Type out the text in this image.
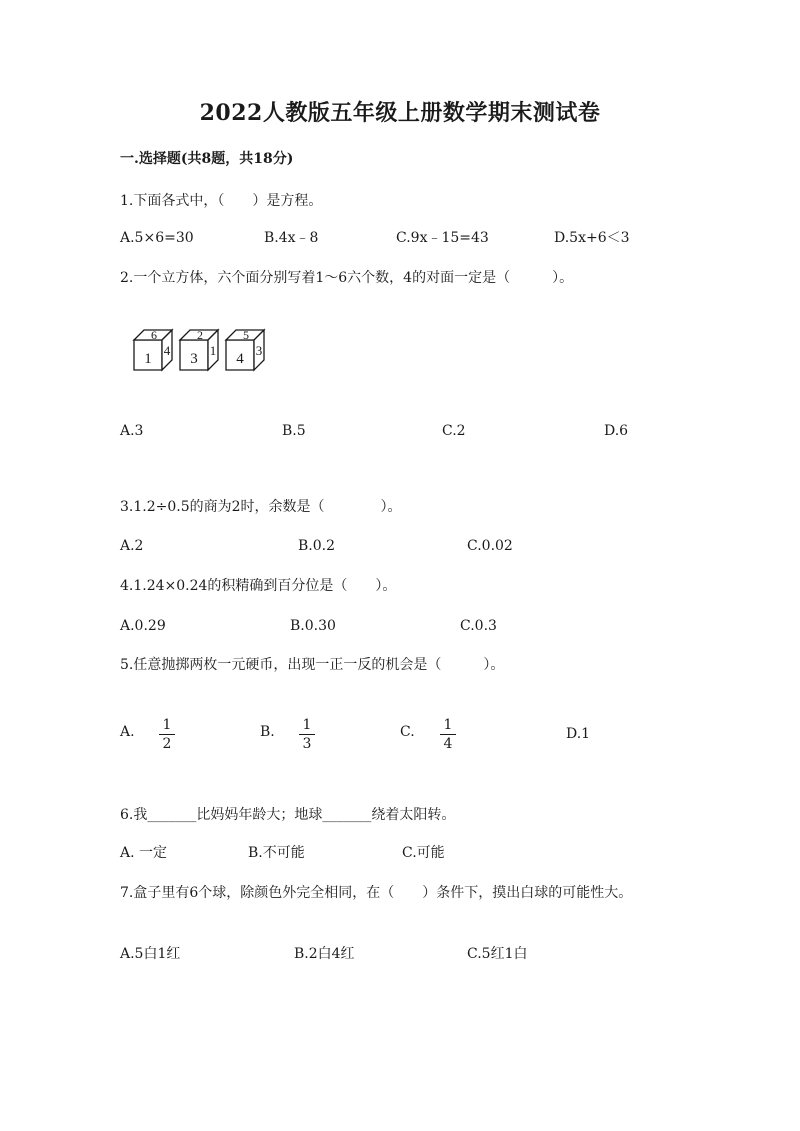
2022人教版五年级上册数学期末测试卷
一.选择题(共8题，共18分)
1.下面各式中，（　　）是方程。
A.5×6=30	B.4x﹣8	C.9x﹣15=43	D.5x+6＜3
2.一个立方体，六个面分别写着1～6六个数，4的对面一定是（　　　）。
1
6
4
3
2
1
4
5
3
A.3	B.5	C.2	D.6
3.1.2÷0.5的商为2时，余数是（　　　　）。
A.2	B.0.2	C.0.02
4.1.24×0.24的积精确到百分位是（　　）。
A.0.29	B.0.30	C.0.3
5.任意抛掷两枚一元硬币，出现一正一反的机会是（　　　）。
A. 1
2
B. 1
3
C. 1
4
D.1
6.我_______比妈妈年龄大；地球_______绕着太阳转。
A. 一定	B.不可能	C.可能
7.盒子里有6个球，除颜色外完全相同，在（　　）条件下，摸出白球的可能性大。
A.5白1红	B.2白4红	C.5红1白
